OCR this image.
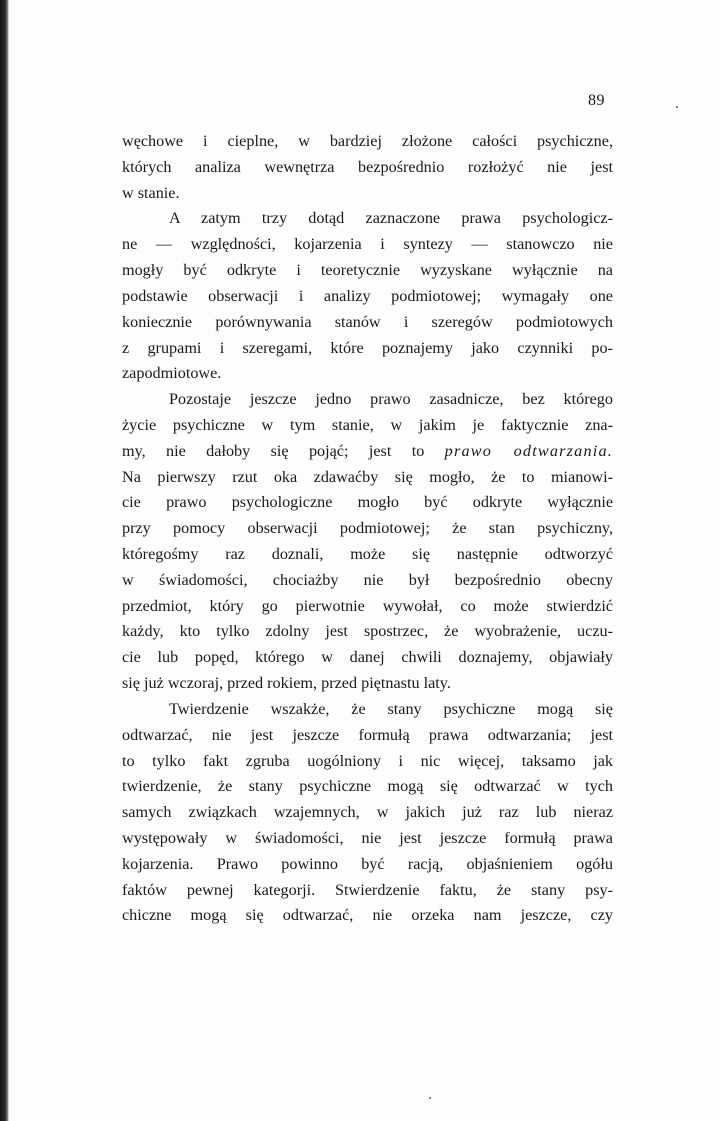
89
węchowe i cieplne, w bardziej złożone całości psychiczne,
których analiza wewnętrza bezpośrednio rozłożyć nie jest
w stanie.
A zatym trzy dotąd zaznaczone prawa psychologicz-
ne — względności, kojarzenia i syntezy — stanowczo nie
mogły być odkryte i teoretycznie wyzyskane wyłącznie na
podstawie obserwacji i analizy podmiotowej; wymagały one
koniecznie porównywania stanów i szeregów podmiotowych
z grupami i szeregami, które poznajemy jako czynniki po-
zapodmiotowe.
Pozostaje jeszcze jedno prawo zasadnicze, bez którego
życie psychiczne w tym stanie, w jakim je faktycznie zna-
my, nie dałoby się pojąć; jest to prawo odtwarzania.
Na pierwszy rzut oka zdawaćby się mogło, że to mianowi-
cie prawo psychologiczne mogło być odkryte wyłącznie
przy pomocy obserwacji podmiotowej; że stan psychiczny,
któregośmy raz doznali, może się następnie odtworzyć
w świadomości, chociażby nie był bezpośrednio obecny
przedmiot, który go pierwotnie wywołał, co może stwierdzić
każdy, kto tylko zdolny jest spostrzec, że wyobrażenie, uczu-
cie lub popęd, którego w danej chwili doznajemy, objawiały
się już wczoraj, przed rokiem, przed piętnastu laty.
Twierdzenie wszakże, że stany psychiczne mogą się
odtwarzać, nie jest jeszcze formułą prawa odtwarzania; jest
to tylko fakt zgruba uogólniony i nic więcej, taksamo jak
twierdzenie, że stany psychiczne mogą się odtwarzać w tych
samych związkach wzajemnych, w jakich już raz lub nieraz
występowały w świadomości, nie jest jeszcze formułą prawa
kojarzenia. Prawo powinno być racją, objaśnieniem ogółu
faktów pewnej kategorji. Stwierdzenie faktu, że stany psy-
chiczne mogą się odtwarzać, nie orzeka nam jeszcze, czy
